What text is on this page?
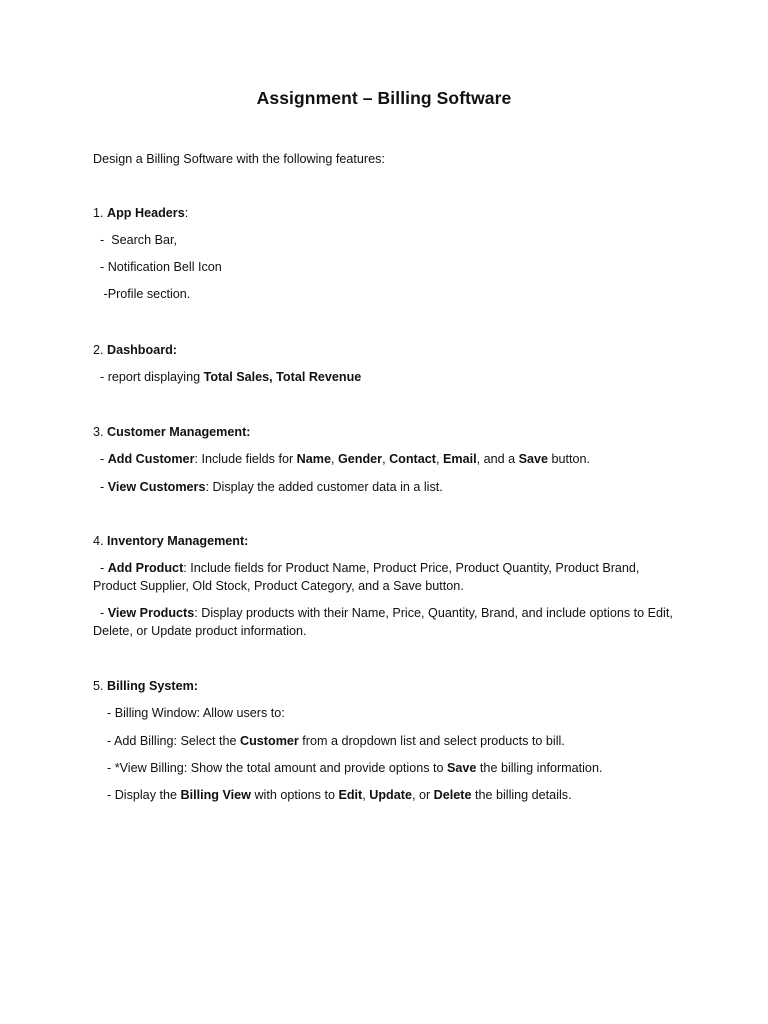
Assignment – Billing Software

Design a Billing Software with the following features:

1. App Headers:

-  Search Bar,

- Notification Bell Icon

-Profile section.

2. Dashboard:

- report displaying Total Sales, Total Revenue

3. Customer Management:

- Add Customer: Include fields for Name, Gender, Contact, Email, and a Save button.

- View Customers: Display the added customer data in a list.

4. Inventory Management:

- Add Product: Include fields for Product Name, Product Price, Product Quantity, Product Brand, Product Supplier, Old Stock, Product Category, and a Save button.

- View Products: Display products with their Name, Price, Quantity, Brand, and include options to Edit, Delete, or Update product information.

5. Billing System:

- Billing Window: Allow users to:

- Add Billing: Select the Customer from a dropdown list and select products to bill.

- *View Billing: Show the total amount and provide options to Save the billing information.

- Display the Billing View with options to Edit, Update, or Delete the billing details.
